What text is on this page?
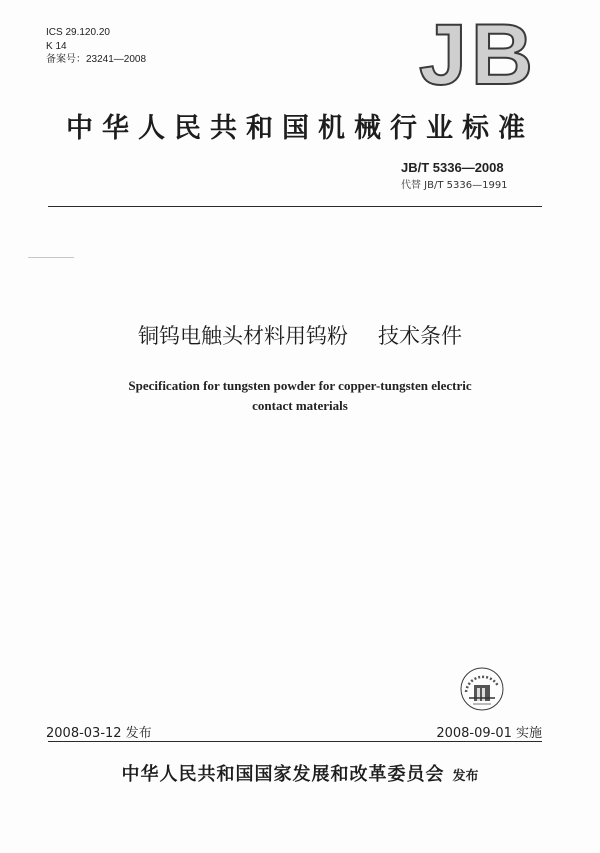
ICS 29.120.20
K 14
备案号：23241—2008	JB
中华人民共和国机械行业标准
JB/T 5336—2008
代替 JB/T 5336—1991
铜钨电触头材料用钨粉 技术条件
Specification for tungsten powder for copper-tungsten electric
contact materials
2008-03-12 发布	2008-09-01 实施
中华人民共和国国家发展和改革委员会 发布
